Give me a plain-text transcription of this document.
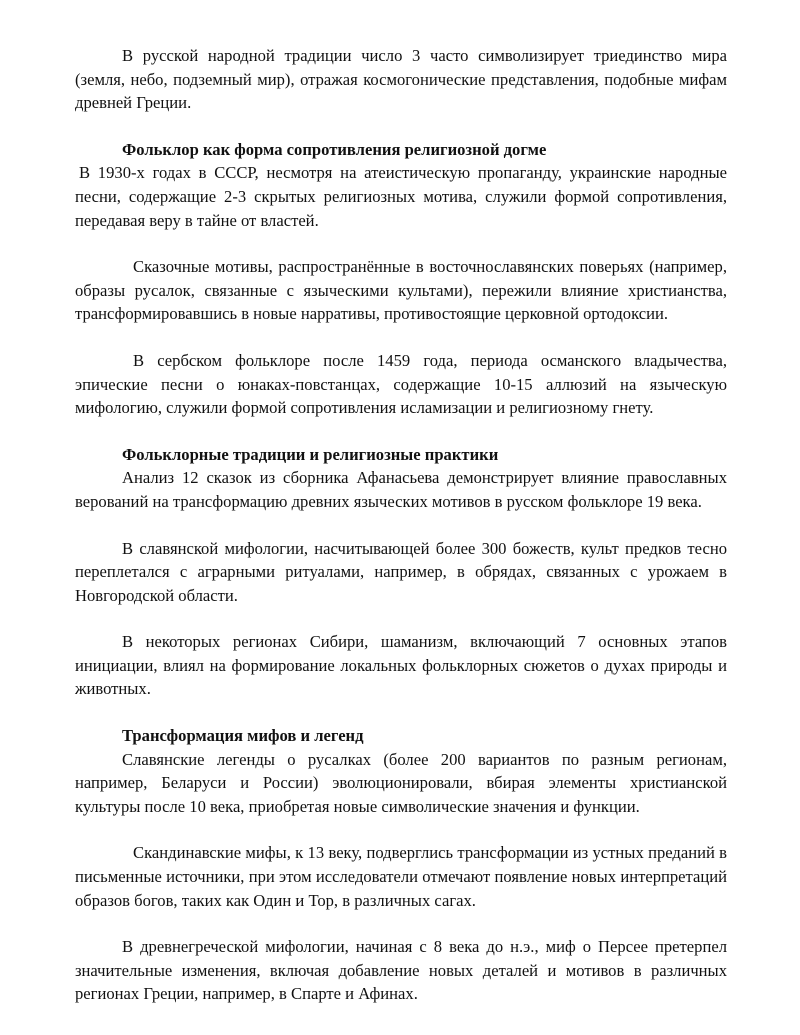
В русской народной традиции число 3 часто символизирует триединство мира (земля, небо, подземный мир), отражая космогонические представления, подобные мифам древней Греции.

Фольклор как форма сопротивления религиозной догме

В 1930-х годах в СССР, несмотря на атеистическую пропаганду, украинские народные песни, содержащие 2-3 скрытых религиозных мотива, служили формой сопротивления, передавая веру в тайне от властей.

Сказочные мотивы, распространённые в восточнославянских поверьях (например, образы русалок, связанные с языческими культами), пережили влияние христианства, трансформировавшись в новые нарративы, противостоящие церковной ортодоксии.

В сербском фольклоре после 1459 года, периода османского владычества, эпические песни о юнаках-повстанцах, содержащие 10-15 аллюзий на языческую мифологию, служили формой сопротивления исламизации и религиозному гнету.

Фольклорные традиции и религиозные практики

Анализ 12 сказок из сборника Афанасьева демонстрирует влияние православных верований на трансформацию древних языческих мотивов в русском фольклоре 19 века.

В славянской мифологии, насчитывающей более 300 божеств, культ предков тесно переплетался с аграрными ритуалами, например, в обрядах, связанных с урожаем в Новгородской области.

В некоторых регионах Сибири, шаманизм, включающий 7 основных этапов инициации, влиял на формирование локальных фольклорных сюжетов о духах природы и животных.

Трансформация мифов и легенд

Славянские легенды о русалках (более 200 вариантов по разным регионам, например, Беларуси и России) эволюционировали, вбирая элементы христианской культуры после 10 века, приобретая новые символические значения и функции.

Скандинавские мифы, к 13 веку, подверглись трансформации из устных преданий в письменные источники, при этом исследователи отмечают появление новых интерпретаций образов богов, таких как Один и Тор, в различных сагах.

В древнегреческой мифологии, начиная с 8 века до н.э., миф о Персее претерпел значительные изменения, включая добавление новых деталей и мотивов в различных регионах Греции, например, в Спарте и Афинах.
